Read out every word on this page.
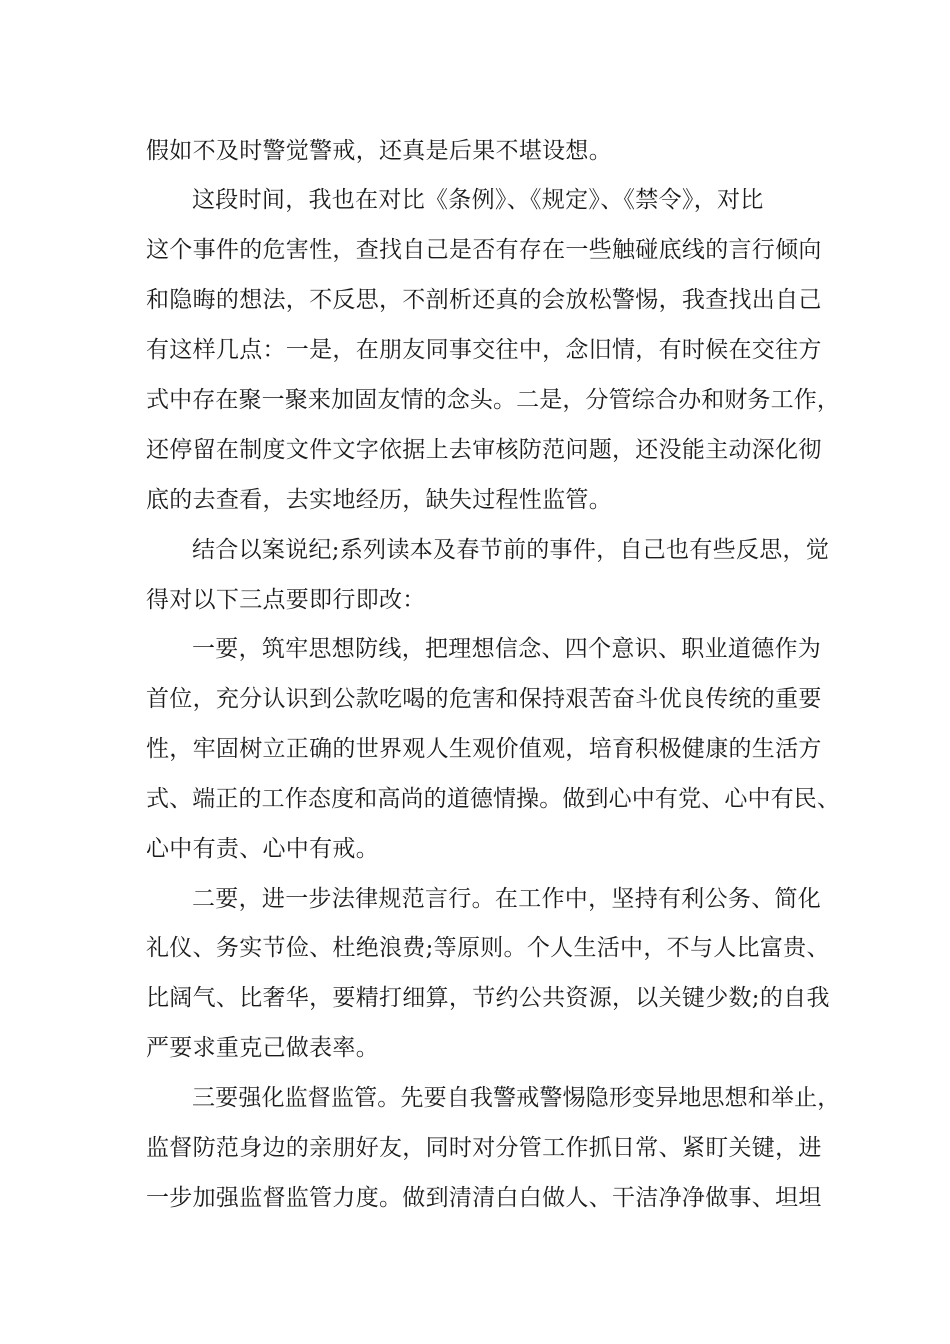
假如不及时警觉警戒，还真是后果不堪设想。

这段时间，我也在对比《条例》、《规定》、《禁令》，对比

这个事件的危害性，查找自己是否有存在一些触碰底线的言行倾向

和隐晦的想法，不反思，不剖析还真的会放松警惕，我查找出自己

有这样几点：一是，在朋友同事交往中，念旧情，有时候在交往方

式中存在聚一聚来加固友情的念头。二是，分管综合办和财务工作，

还停留在制度文件文字依据上去审核防范问题，还没能主动深化彻

底的去查看，去实地经历，缺失过程性监管。

结合以案说纪;系列读本及春节前的事件，自己也有些反思，觉

得对以下三点要即行即改：

一要，筑牢思想防线，把理想信念、四个意识、职业道德作为

首位，充分认识到公款吃喝的危害和保持艰苦奋斗优良传统的重要

性，牢固树立正确的世界观人生观价值观，培育积极健康的生活方

式、端正的工作态度和高尚的道德情操。做到心中有党、心中有民、

心中有责、心中有戒。

二要，进一步法律规范言行。在工作中，坚持有利公务、简化

礼仪、务实节俭、杜绝浪费;等原则。个人生活中，不与人比富贵、

比阔气、比奢华，要精打细算，节约公共资源，以关键少数;的自我

严要求重克己做表率。

三要强化监督监管。先要自我警戒警惕隐形变异地思想和举止，

监督防范身边的亲朋好友，同时对分管工作抓日常、紧盯关键，进

一步加强监督监管力度。做到清清白白做人、干洁净净做事、坦坦
